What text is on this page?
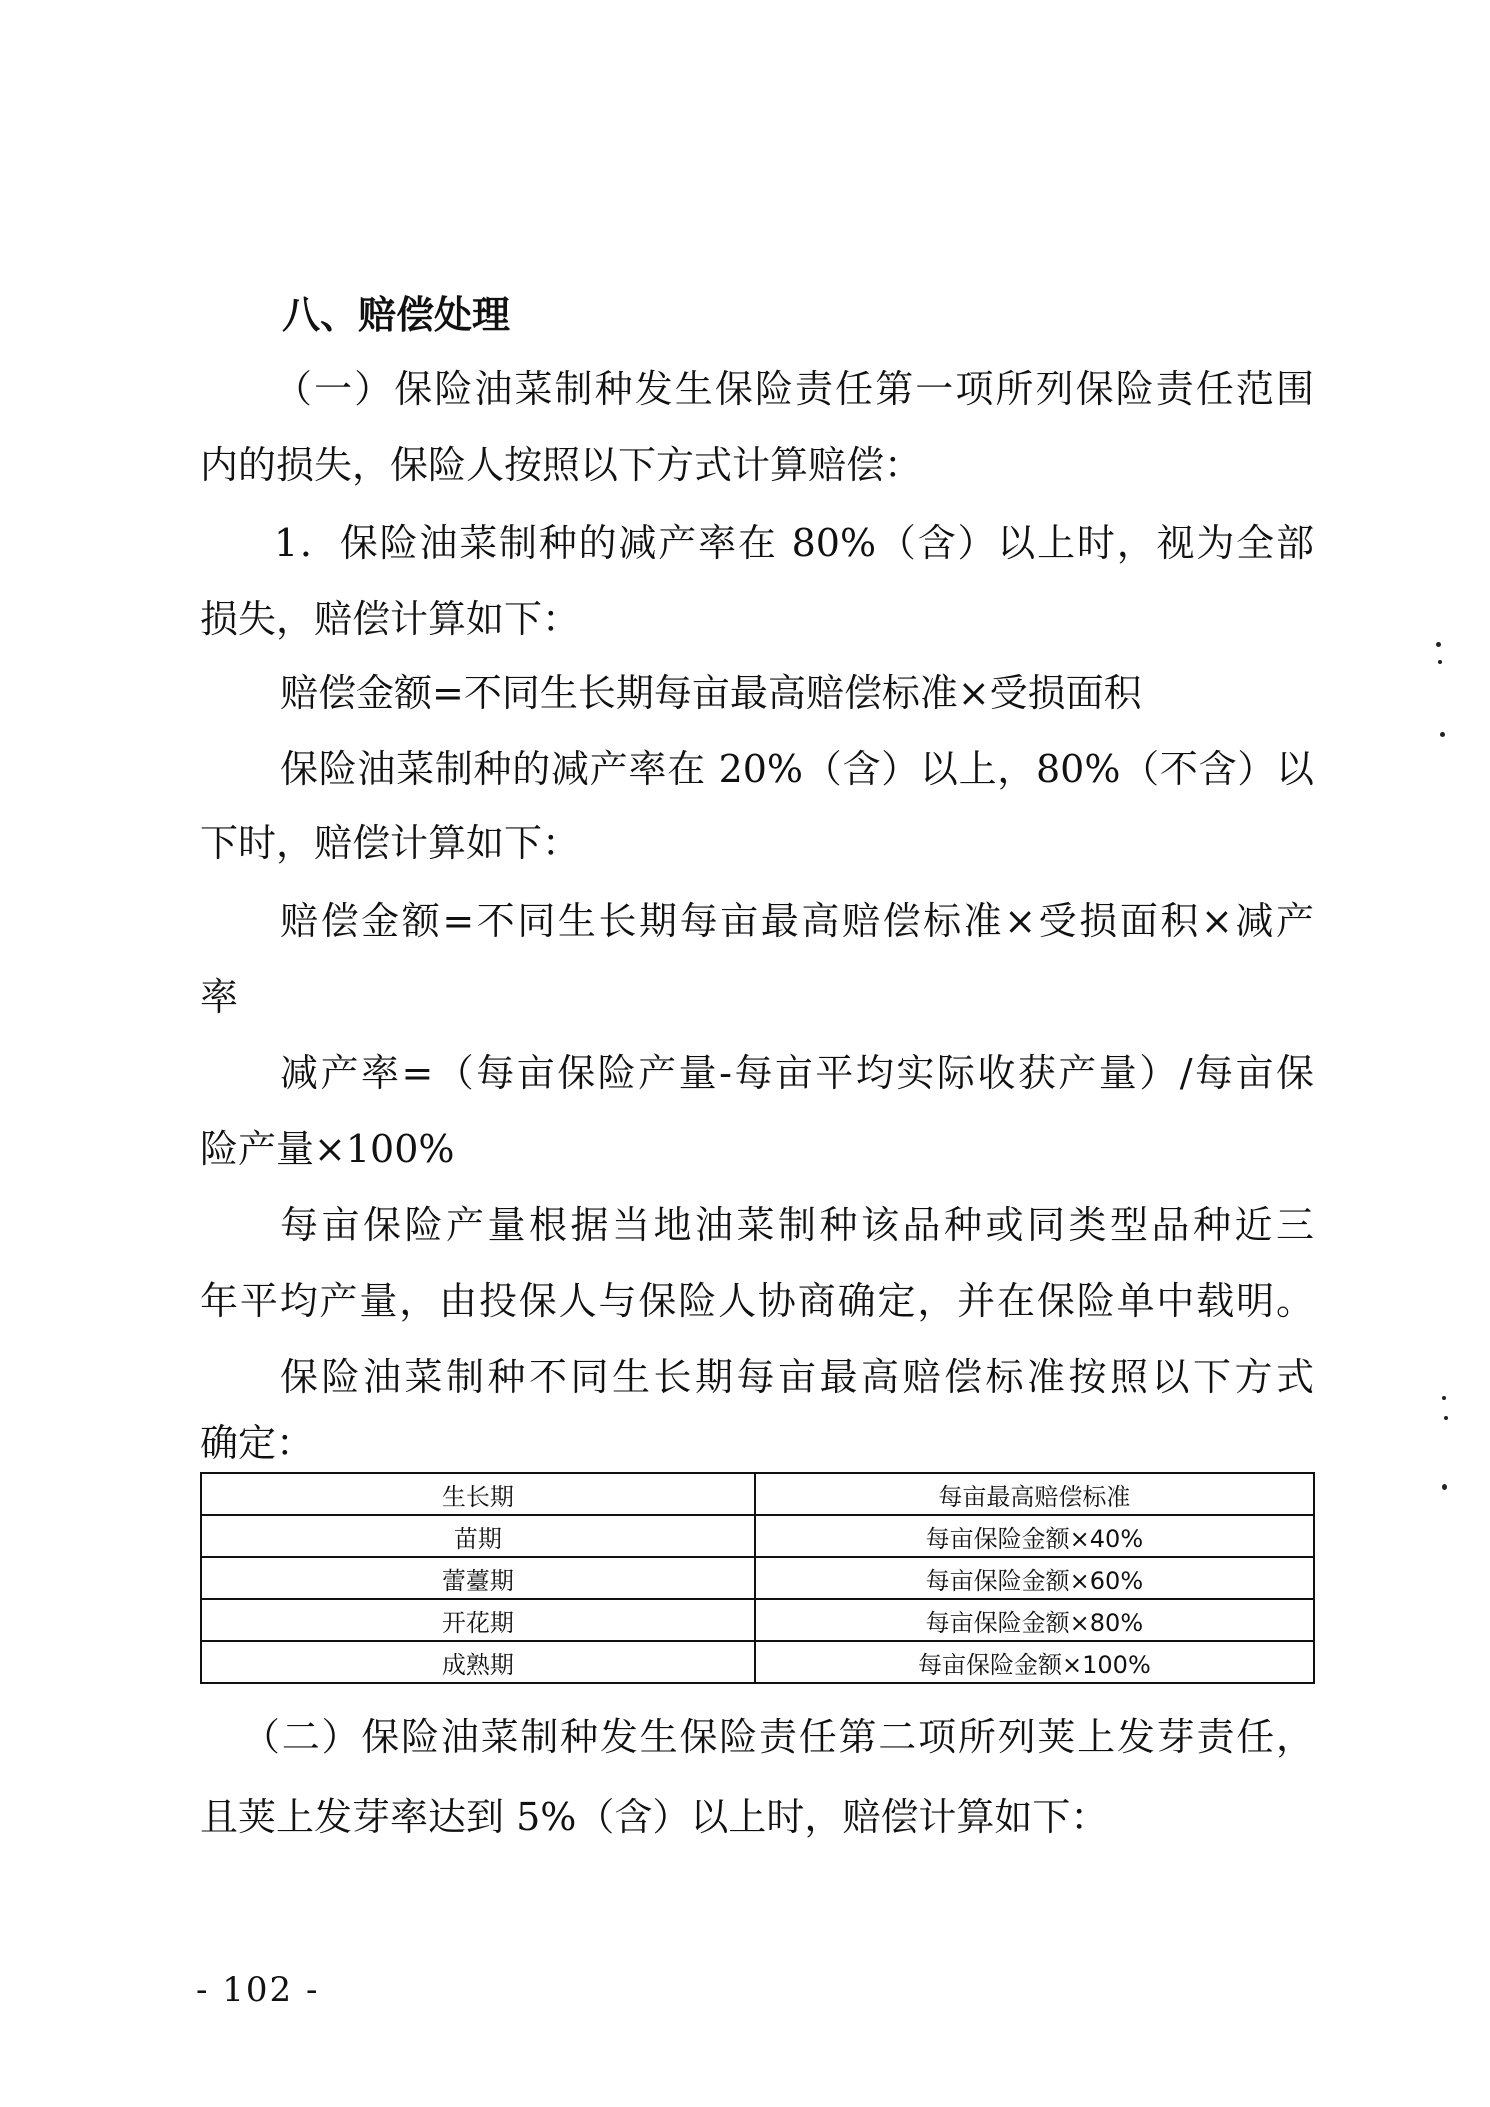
八、赔偿处理
（一）保险油菜制种发生保险责任第一项所列保险责任范围
内的损失，保险人按照以下方式计算赔偿：
1．保险油菜制种的减产率在 80%（含）以上时，视为全部
损失，赔偿计算如下：
赔偿金额=不同生长期每亩最高赔偿标准×受损面积
保险油菜制种的减产率在 20%（含）以上，80%（不含）以
下时，赔偿计算如下：
赔偿金额=不同生长期每亩最高赔偿标准×受损面积×减产
率
减产率=（每亩保险产量-每亩平均实际收获产量）/每亩保
险产量×100%
每亩保险产量根据当地油菜制种该品种或同类型品种近三
年平均产量，由投保人与保险人协商确定，并在保险单中载明。
保险油菜制种不同生长期每亩最高赔偿标准按照以下方式
确定：
生长期	每亩最高赔偿标准
苗期	每亩保险金额×40%
蕾薹期	每亩保险金额×60%
开花期	每亩保险金额×80%
成熟期	每亩保险金额×100%
（二）保险油菜制种发生保险责任第二项所列荚上发芽责任，
且荚上发芽率达到 5%（含）以上时，赔偿计算如下：
- 102 -
